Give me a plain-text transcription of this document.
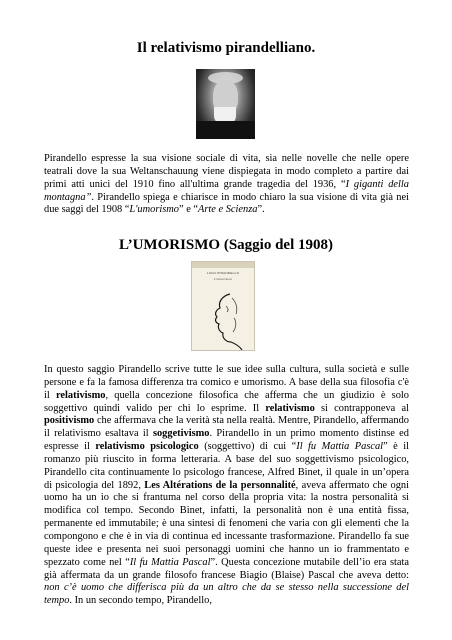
Il relativismo pirandelliano.

Pirandello espresse la sua visione sociale di vita, sia nelle novelle che nelle opere teatrali dove la sua Weltanschauung viene dispiegata in modo completo a partire dai primi atti unici del 1910 fino all'ultima grande tragedia del 1936, “I giganti della montagna”. Pirandello spiega e chiarisce in modo chiaro la sua visione di vita già nei due saggi del 1908 “L'umorismo” e “Arte e Scienza”.

L’UMORISMO (Saggio del 1908)
LUIGI PIRANDELLO
L'umorismo

In questo saggio Pirandello scrive tutte le sue idee sulla cultura, sulla società e sulle persone e fa la famosa differenza tra comico e umorismo. A base della sua filosofia c'è il relativismo, quella concezione filosofica che afferma che un giudizio è solo soggettivo quindi valido per chi lo esprime. Il relativismo si contrapponeva al positivismo che affermava che la verità sta nella realtà. Mentre, Pirandello, affermando il relativismo esaltava il soggetivismo. Pirandello in un primo momento distinse ed espresse il relativismo psicologico (soggettivo) di cui “Il fu Mattia Pascal” è il romanzo più riuscito in forma letteraria. A base del suo soggettivismo psicologico, Pirandello cita continuamente lo psicologo francese, Alfred Binet, il quale in un’opera di psicologia del 1892, Les Altérations de la personnalité, aveva affermato che ogni uomo ha un io che si frantuma nel corso della propria vita: la nostra personalità si modifica col tempo. Secondo Binet, infatti, la personalità non è una entità fissa, permanente ed immutabile; è una sintesi di fenomeni che varia con gli elementi che la compongono e che è in via di continua ed incessante trasformazione. Pirandello fa sue queste idee e presenta nei suoi personaggi uomini che hanno un io frammentato e spezzato come nel “Il fu Mattia Pascal”. Questa concezione mutabile dell’io era stata già affermata da un grande filosofo francese Biagio (Blaise) Pascal che aveva detto: non c’è uomo che differisca più da un altro che da se stesso nella successione del tempo. In un secondo tempo, Pirandello,
